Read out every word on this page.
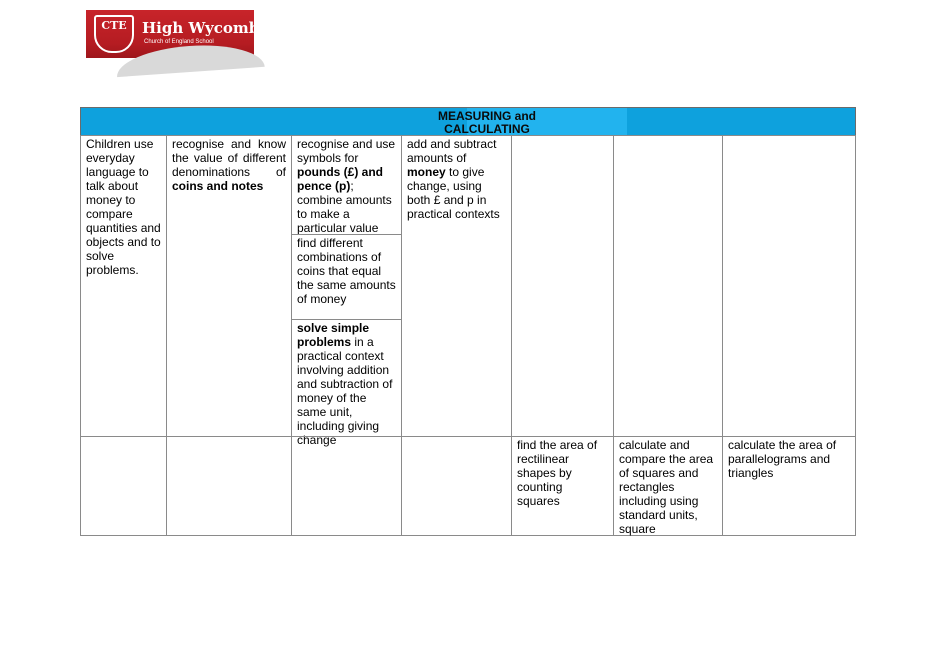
CTE	High Wycombe
Church of England School
MEASURING and CALCULATING
Children use everyday language to talk about money to compare quantities and objects and to solve problems.
recognise and know the value of different denominations of coins and notes
recognise and use symbols for pounds (£) and pence (p); combine amounts to make a particular value
find different combinations of coins that equal the same amounts of money
solve simple problems in a practical context involving addition and subtraction of money of the same unit, including giving change
add and subtract amounts of money to give change, using both £ and p in practical contexts
find the area of rectilinear shapes by counting squares
calculate and compare the area of squares and rectangles including using standard units, square
calculate the area of parallelograms and triangles
